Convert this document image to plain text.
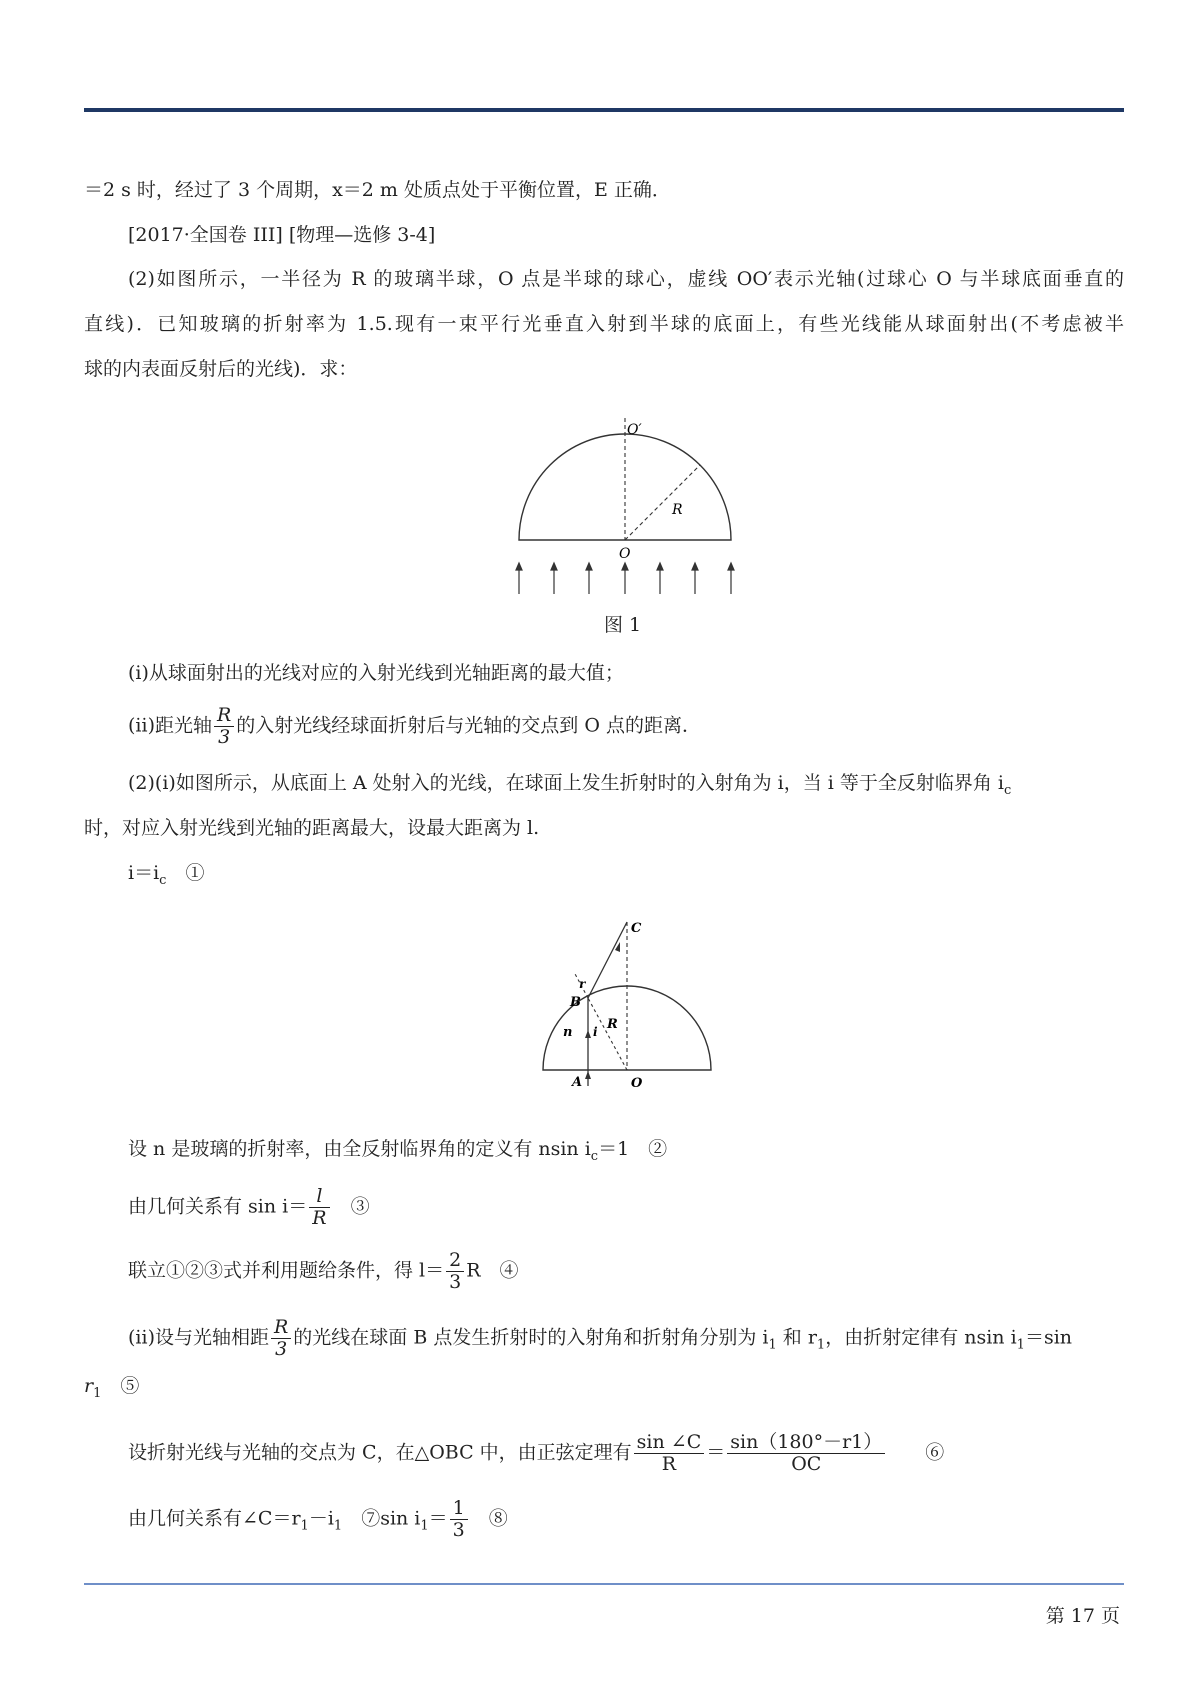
＝2 s 时，经过了 3 个周期，x＝2 m 处质点处于平衡位置，E 正确．
[2017·全国卷 III] [物理—选修 3-4]
(2)如图所示，一半径为 R 的玻璃半球，O 点是半球的球心，虚线 OO′表示光轴(过球心 O 与半球底面垂直的
直线)．已知玻璃的折射率为 1.5.现有一束平行光垂直入射到半球的底面上，有些光线能从球面射出(不考虑被半
球的内表面反射后的光线)．求：
O′
R
O
图 1
(ⅰ)从球面射出的光线对应的入射光线到光轴距离的最大值；
(ⅱ)距光轴 $\frac{R}{3}$ 的入射光线经球面折射后与光轴的交点到 O 点的距离．
(2)(ⅰ)如图所示，从底面上 A 处射入的光线，在球面上发生折射时的入射角为 i，当 i 等于全反射临界角 $i_c$
时，对应入射光线到光轴的距离最大，设最大距离为 l.
$i=i_c$　 ①
C
r
B
n i R
A	O
设 n 是玻璃的折射率，由全反射临界角的定义有 nsin $i_c=1$　②
由几何关系有 $\sin i= \frac{l}{R}$
　 ③
联立①②③式并利用题给条件，得 $l= \frac{2}{3}$ R　④
(ⅱ)设与光轴相距 $\frac{R}{3}$ 的光线在球面 B 点发生折射时的入射角和折射角分别为 $i_1$ 和 $r_1$，由折射定律有 nsin $i_1=\sin$
$r_1$　 ⑤
设折射光线与光轴的交点为 C，在△OBC 中，由正弦定理有 $\frac{\sin \angle C}{R} = \frac{\sin(180^\circ-r1)}{OC}$
　　 ⑥
由几何关系有$\angle C=r_1-i_1$　⑦sin $i_1= \frac{1}{3}$
　 ⑧
第 17 页
